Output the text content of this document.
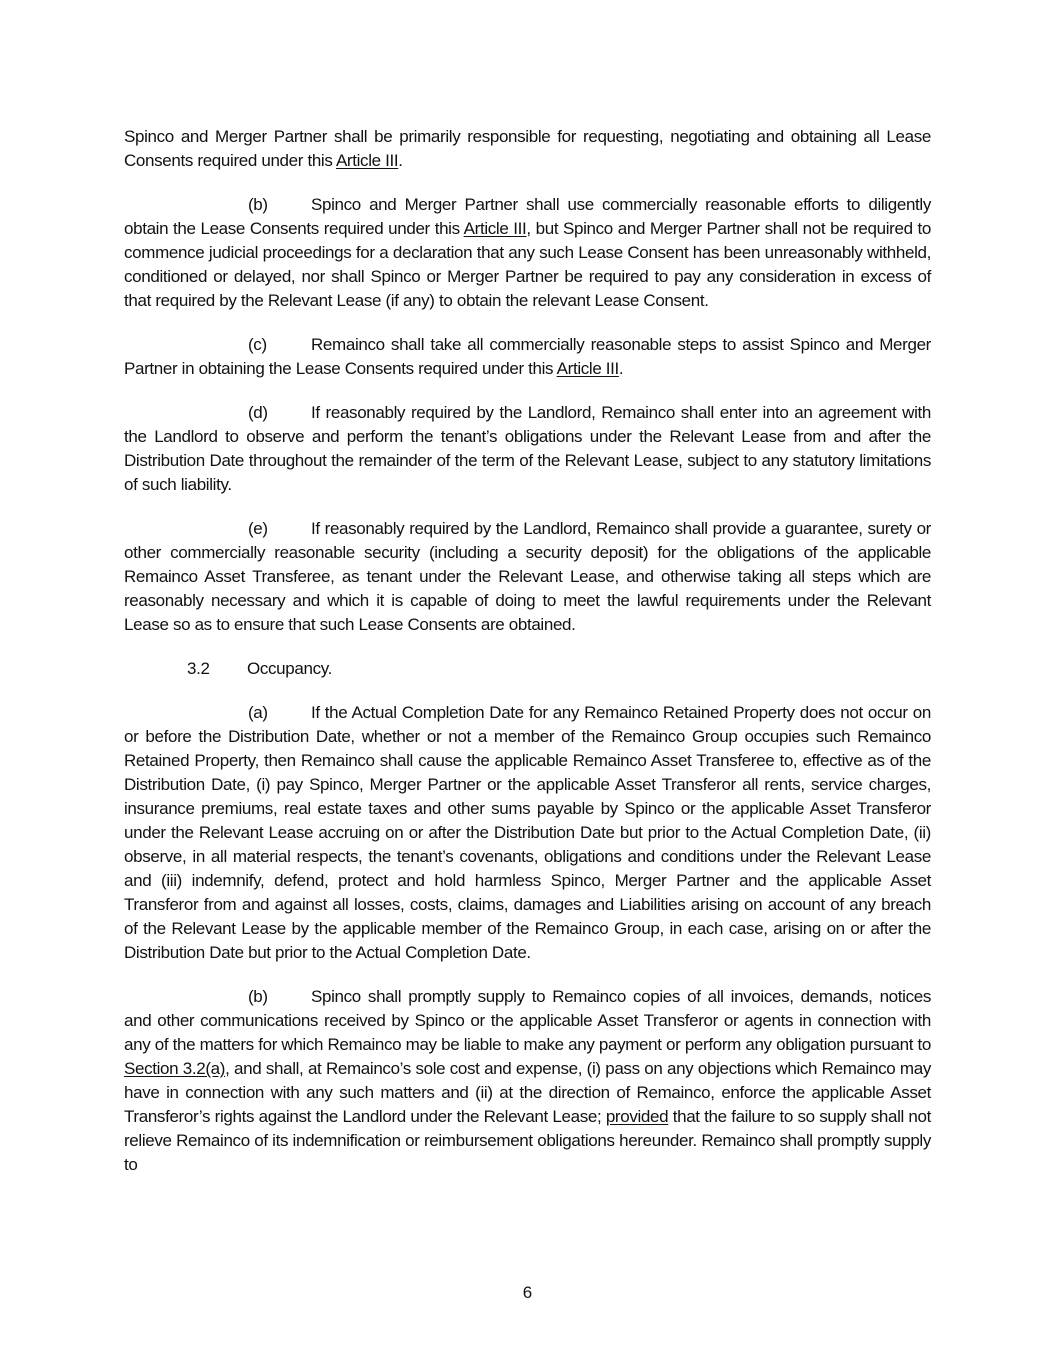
Spinco and Merger Partner shall be primarily responsible for requesting, negotiating and obtaining all Lease Consents required under this Article III.

(b)	Spinco and Merger Partner shall use commercially reasonable efforts to diligently obtain the Lease Consents required under this Article III, but Spinco and Merger Partner shall not be required to commence judicial proceedings for a declaration that any such Lease Consent has been unreasonably withheld, conditioned or delayed, nor shall Spinco or Merger Partner be required to pay any consideration in excess of that required by the Relevant Lease (if any) to obtain the relevant Lease Consent.

(c)	Remainco shall take all commercially reasonable steps to assist Spinco and Merger Partner in obtaining the Lease Consents required under this Article III.

(d)	If reasonably required by the Landlord, Remainco shall enter into an agreement with the Landlord to observe and perform the tenant’s obligations under the Relevant Lease from and after the Distribution Date throughout the remainder of the term of the Relevant Lease, subject to any statutory limitations of such liability.

(e)	If reasonably required by the Landlord, Remainco shall provide a guarantee, surety or other commercially reasonable security (including a security deposit) for the obligations of the applicable Remainco Asset Transferee, as tenant under the Relevant Lease, and otherwise taking all steps which are reasonably necessary and which it is capable of doing to meet the lawful requirements under the Relevant Lease so as to ensure that such Lease Consents are obtained.

3.2 Occupancy.

(a)	If the Actual Completion Date for any Remainco Retained Property does not occur on or before the Distribution Date, whether or not a member of the Remainco Group occupies such Remainco Retained Property, then Remainco shall cause the applicable Remainco Asset Transferee to, effective as of the Distribution Date, (i) pay Spinco, Merger Partner or the applicable Asset Transferor all rents, service charges, insurance premiums, real estate taxes and other sums payable by Spinco or the applicable Asset Transferor under the Relevant Lease accruing on or after the Distribution Date but prior to the Actual Completion Date, (ii) observe, in all material respects, the tenant’s covenants, obligations and conditions under the Relevant Lease and (iii) indemnify, defend, protect and hold harmless Spinco, Merger Partner and the applicable Asset Transferor from and against all losses, costs, claims, damages and Liabilities arising on account of any breach of the Relevant Lease by the applicable member of the Remainco Group, in each case, arising on or after the Distribution Date but prior to the Actual Completion Date.

(b)	Spinco shall promptly supply to Remainco copies of all invoices, demands, notices and other communications received by Spinco or the applicable Asset Transferor or agents in connection with any of the matters for which Remainco may be liable to make any payment or perform any obligation pursuant to Section 3.2(a), and shall, at Remainco’s sole cost and expense, (i) pass on any objections which Remainco may have in connection with any such matters and (ii) at the direction of Remainco, enforce the applicable Asset Transferor’s rights against the Landlord under the Relevant Lease; provided that the failure to so supply shall not relieve Remainco of its indemnification or reimbursement obligations hereunder. Remainco shall promptly supply to

6
